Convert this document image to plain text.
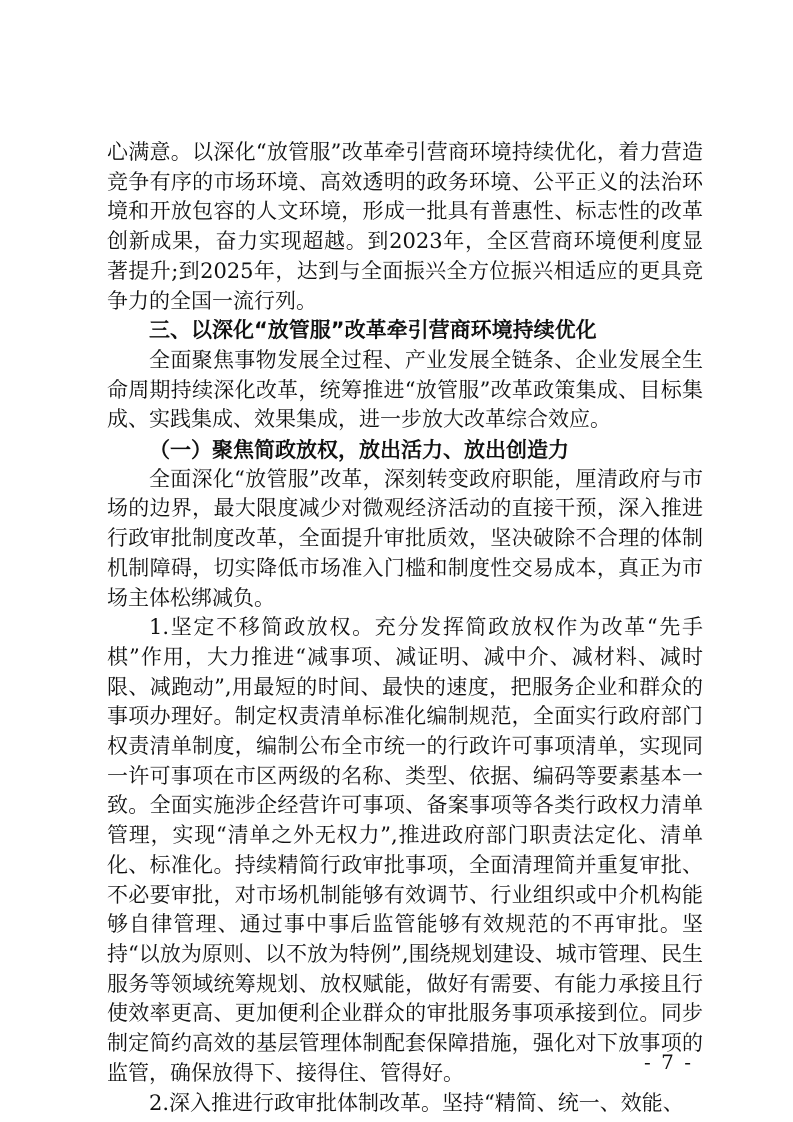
心满意。以深化“放管服”改革牵引营商环境持续优化，着力营造竞争有序的市场环境、高效透明的政务环境、公平正义的法治环境和开放包容的人文环境，形成一批具有普惠性、标志性的改革创新成果，奋力实现超越。到2023年，全区营商环境便利度显著提升;到2025年，达到与全面振兴全方位振兴相适应的更具竞争力的全国一流行列。

三、以深化“放管服”改革牵引营商环境持续优化

全面聚焦事物发展全过程、产业发展全链条、企业发展全生命周期持续深化改革，统筹推进“放管服”改革政策集成、目标集成、实践集成、效果集成，进一步放大改革综合效应。

（一）聚焦简政放权，放出活力、放出创造力

全面深化“放管服”改革，深刻转变政府职能，厘清政府与市场的边界，最大限度减少对微观经济活动的直接干预，深入推进行政审批制度改革，全面提升审批质效，坚决破除不合理的体制机制障碍，切实降低市场准入门槛和制度性交易成本，真正为市场主体松绑减负。

1.坚定不移简政放权。充分发挥简政放权作为改革“先手棋”作用，大力推进“减事项、减证明、减中介、减材料、减时限、减跑动”,用最短的时间、最快的速度，把服务企业和群众的事项办理好。制定权责清单标准化编制规范，全面实行政府部门权责清单制度，编制公布全市统一的行政许可事项清单，实现同一许可事项在市区两级的名称、类型、依据、编码等要素基本一致。全面实施涉企经营许可事项、备案事项等各类行政权力清单管理，实现“清单之外无权力”,推进政府部门职责法定化、清单化、标准化。持续精简行政审批事项，全面清理简并重复审批、不必要审批，对市场机制能够有效调节、行业组织或中介机构能够自律管理、通过事中事后监管能够有效规范的不再审批。坚持“以放为原则、以不放为特例”,围绕规划建设、城市管理、民生服务等领域统筹规划、放权赋能，做好有需要、有能力承接且行使效率更高、更加便利企业群众的审批服务事项承接到位。同步制定简约高效的基层管理体制配套保障措施，强化对下放事项的监管，确保放得下、接得住、管得好。

2.深入推进行政审批体制改革。坚持“精简、统一、效能、

- 7 -
